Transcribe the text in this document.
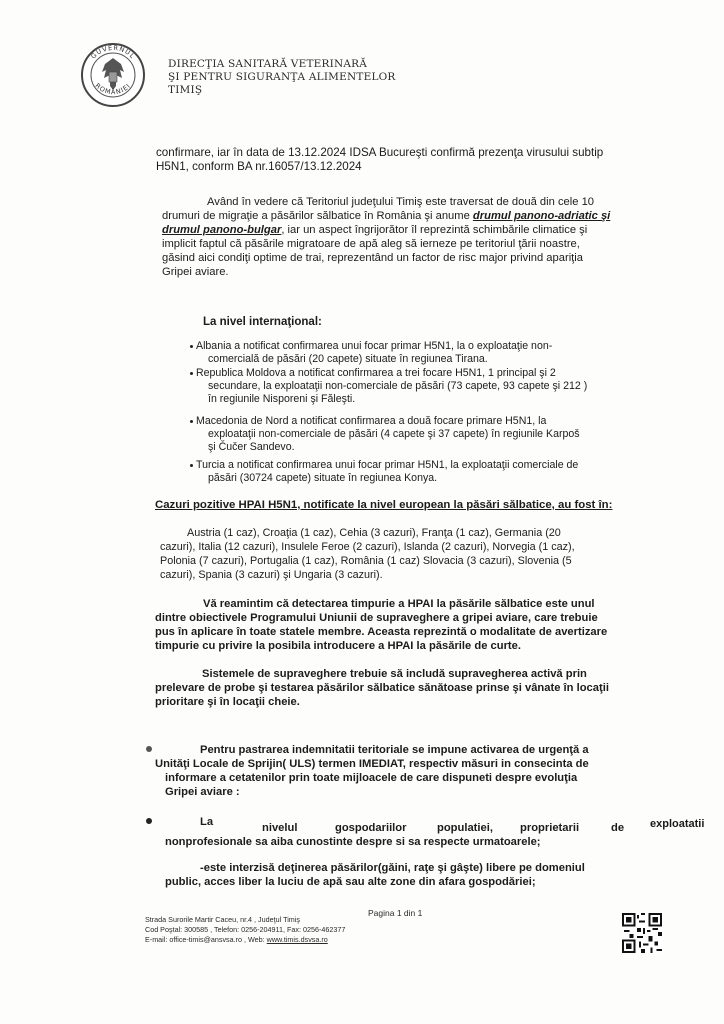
GUVERNUL
ROMÂNIEI
DIRECŢIA SANITARĂ VETERINARĂ
ŞI PENTRU SIGURANŢA ALIMENTELOR
TIMIŞ
confirmare, iar în data de 13.12.2024 IDSA Bucureşti confirmă prezenţa virusului subtip
H5N1, conform BA nr.16057/13.12.2024
Având în vedere că Teritoriul judeţului Timiş este traversat de două din cele 10
drumuri de migraţie a păsărilor sălbatice în România şi anume drumul panono-adriatic şi
drumul panono-bulgar, iar un aspect îngrijorător îl reprezintă schimbările climatice şi
implicit faptul că păsările migratoare de apă aleg să ierneze pe teritoriul ţării noastre,
găsind aici condiţi optime de trai, reprezentând un factor de risc major privind apariţia
Gripei aviare.
La nivel internaţional:
Albania a notificat confirmarea unui focar primar H5N1, la o exploataţie non-
comercială de păsări (20 capete) situate în regiunea Tirana.
Republica Moldova a notificat confirmarea a trei focare H5N1, 1 principal şi 2
secundare, la exploataţii non-comerciale de păsări (73 capete, 93 capete şi 212 )
în regiunile Nisporeni şi Făleşti.
Macedonia de Nord a notificat confirmarea a două focare primare H5N1, la
exploataţii non-comerciale de păsări (4 capete şi 37 capete) în regiunile Karpoš
şi Čučer Sandevo.
Turcia a notificat confirmarea unui focar primar H5N1, la exploataţii comerciale de
păsări (30724 capete) situate în regiunea Konya.
Cazuri pozitive HPAI H5N1, notificate la nivel european la păsări sălbatice, au fost în:
Austria (1 caz), Croaţia (1 caz), Cehia (3 cazuri), Franţa (1 caz), Germania (20
cazuri), Italia (12 cazuri), Insulele Feroe (2 cazuri), Islanda (2 cazuri), Norvegia (1 caz),
Polonia (7 cazuri), Portugalia (1 caz), România (1 caz) Slovacia (3 cazuri), Slovenia (5
cazuri), Spania (3 cazuri) şi Ungaria (3 cazuri).
Vă reamintim că detectarea timpurie a HPAI la păsările sălbatice este unul
dintre obiectivele Programului Uniunii de supraveghere a gripei aviare, care trebuie
pus în aplicare în toate statele membre. Aceasta reprezintă o modalitate de avertizare
timpurie cu privire la posibila introducere a HPAI la păsările de curte.
Sistemele de supraveghere trebuie să includă supravegherea activă prin
prelevare de probe şi testarea păsărilor sălbatice sănătoase prinse şi vânate în locaţii
prioritare şi în locaţii cheie.
Pentru pastrarea indemnitatii teritoriale se impune activarea de urgenţă a
Unităţi Locale de Sprijin( ULS) termen IMEDIAT, respectiv măsuri in consecinta de
informare a cetatenilor prin toate mijloacele de care dispuneti despre evoluţia
Gripei aviare :
La	nivelul	gospodariilor	populatiei, proprietarii	de exploatatii
nonprofesionale sa aiba cunostinte despre si sa respecte urmatoarele;
-este interzisă deţinerea păsărilor(găini, raţe şi gâşte) libere pe domeniul
public, acces liber la luciu de apă sau alte zone din afara gospodăriei;
Strada Surorile Martir Caceu, nr.4 , Judeţul Timiş
Cod Poştal: 300585 , Telefon: 0256-204911, Fax: 0256-462377
E-mail: office-timis@ansvsa.ro , Web: www.timis.dsvsa.ro
Pagina 1 din 1
